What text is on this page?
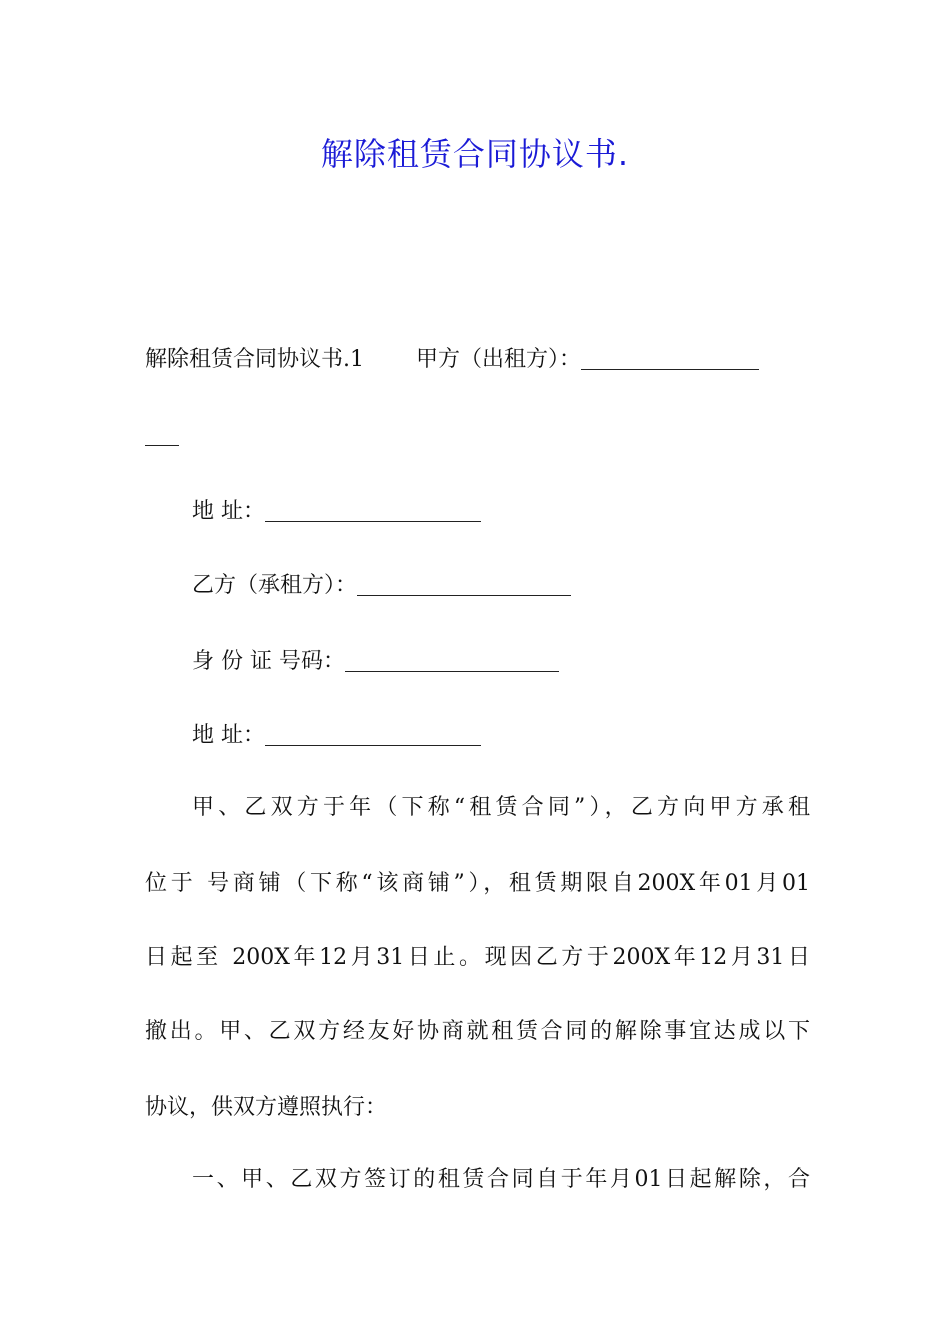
解除租赁合同协议书.
解除租赁合同协议书.1 甲方（出租方）：
地 址：
乙方（承租方）：
身 份 证 号码：
地 址：
甲、乙双方于年（下称“租赁合同”），乙方向甲方承租
位于 号商铺（下称“该商铺”），租赁期限自200X年01月01
日起至 200X年12月31日止。现因乙方于200X年12月31日
撤出。甲、乙双方经友好协商就租赁合同的解除事宜达成以下
协议，供双方遵照执行：
一、甲、乙双方签订的租赁合同自于年月01日起解除，合
